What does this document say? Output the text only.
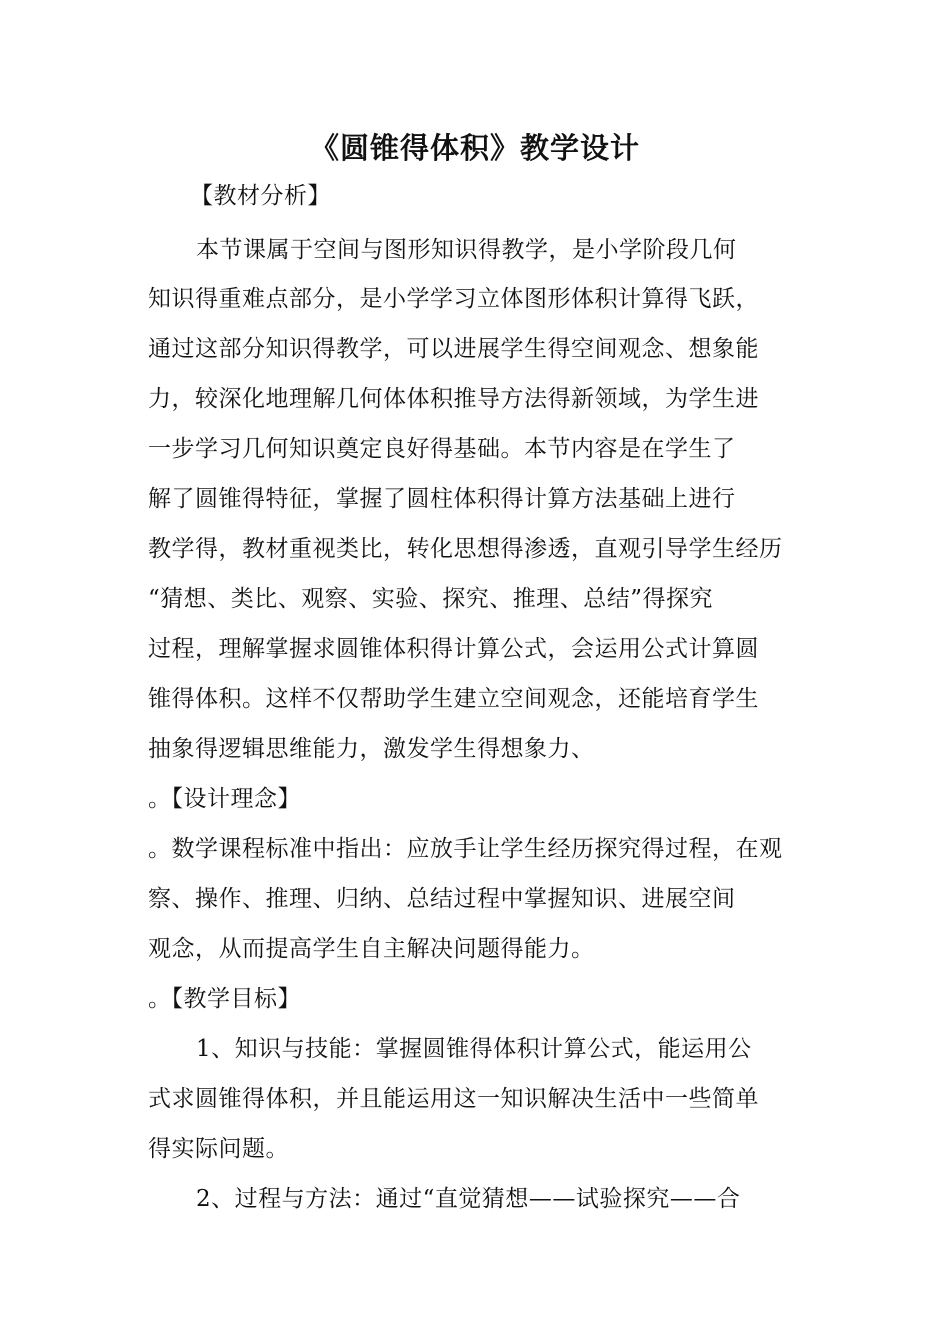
《圆锥得体积》教学设计
【教材分析】
本节课属于空间与图形知识得教学，是小学阶段几何
知识得重难点部分，是小学学习立体图形体积计算得飞跃，
通过这部分知识得教学，可以进展学生得空间观念、想象能
力，较深化地理解几何体体积推导方法得新领域，为学生进
一步学习几何知识奠定良好得基础。本节内容是在学生了
解了圆锥得特征，掌握了圆柱体积得计算方法基础上进行
教学得，教材重视类比，转化思想得渗透，直观引导学生经历
“猜想、类比、观察、实验、探究、推理、总结”得探究
过程，理解掌握求圆锥体积得计算公式，会运用公式计算圆
锥得体积。这样不仅帮助学生建立空间观念，还能培育学生
抽象得逻辑思维能力，激发学生得想象力、
。【设计理念】
。数学课程标准中指出：应放手让学生经历探究得过程，在观
察、操作、推理、归纳、总结过程中掌握知识、进展空间
观念，从而提高学生自主解决问题得能力。
。【教学目标】
1、知识与技能：掌握圆锥得体积计算公式，能运用公
式求圆锥得体积，并且能运用这一知识解决生活中一些简单
得实际问题。
2、过程与方法：通过“直觉猜想——试验探究——合
